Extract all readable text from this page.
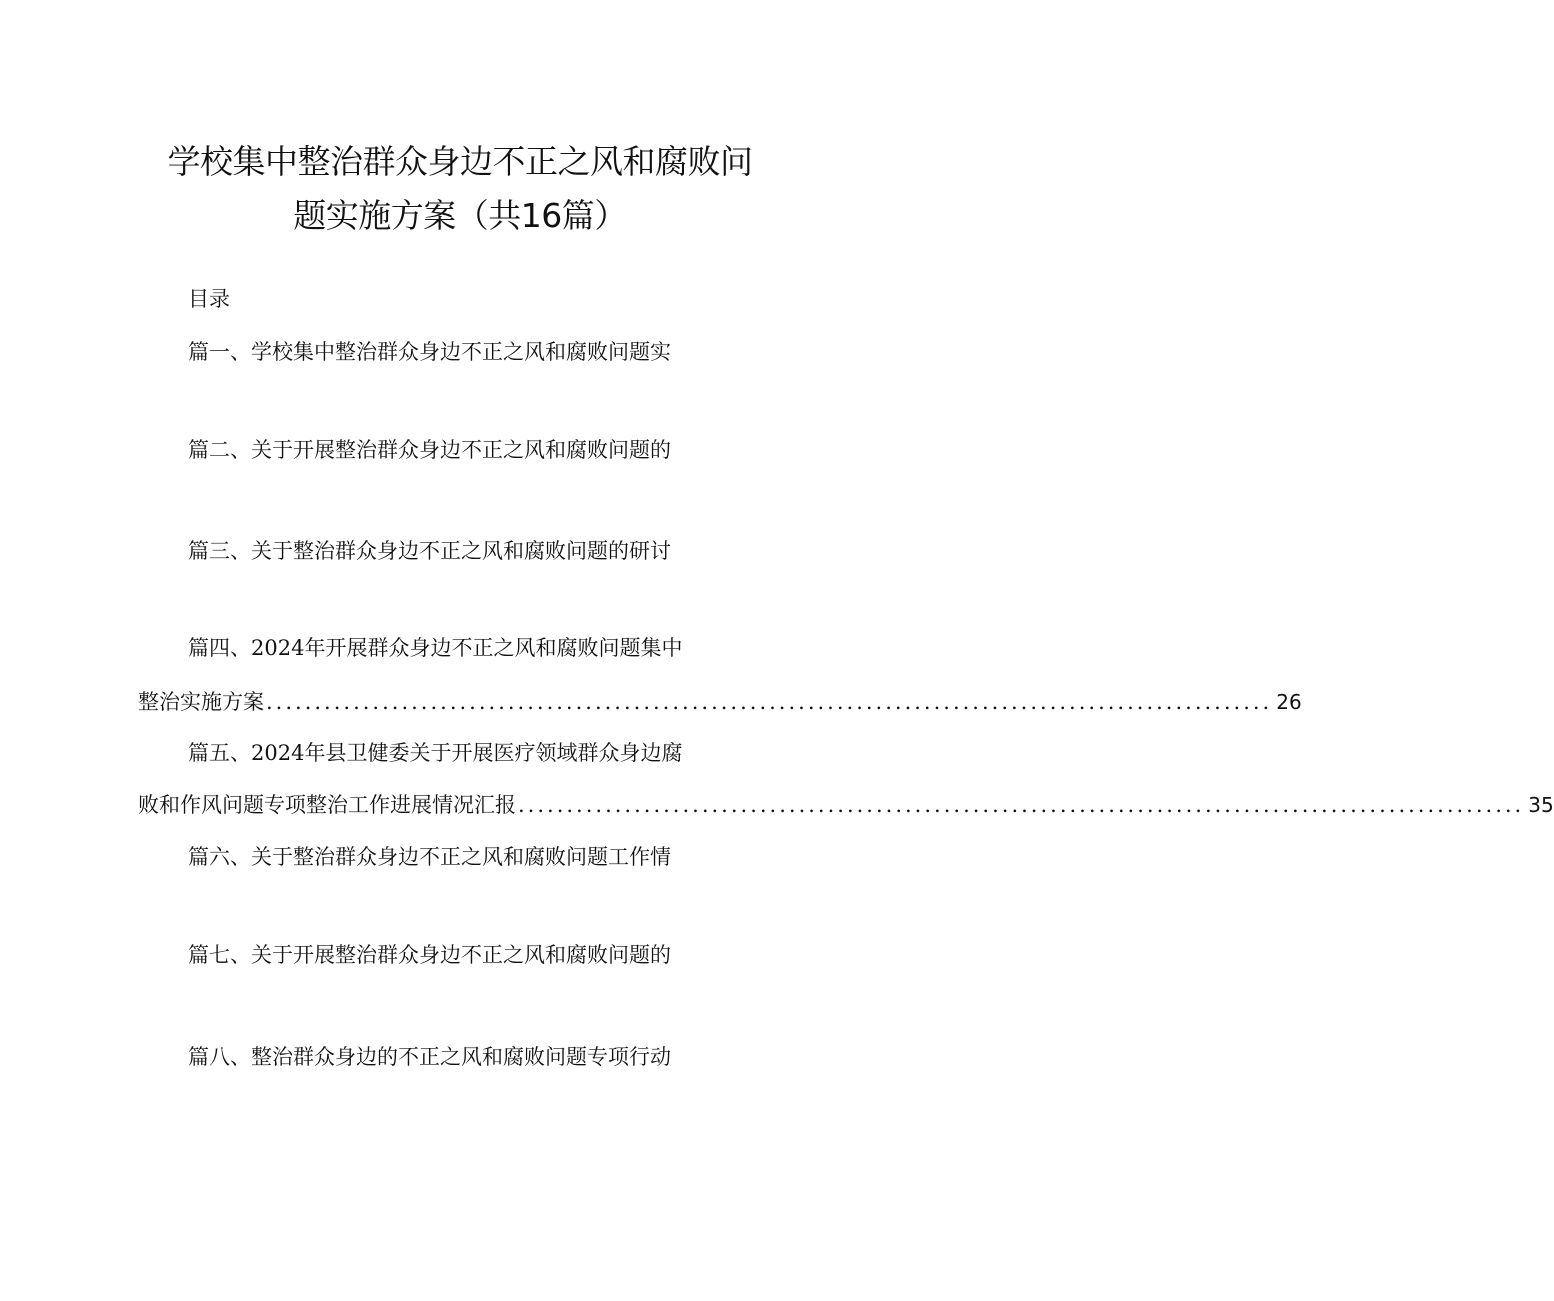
学校集中整治群众身边不正之风和腐败问
题实施方案（共16篇）
目录
篇一、学校集中整治群众身边不正之风和腐败问题实
篇二、关于开展整治群众身边不正之风和腐败问题的
篇三、关于整治群众身边不正之风和腐败问题的研讨
篇四、2024年开展群众身边不正之风和腐败问题集中
整治实施方案 ........................................................................................................ 26
篇五、2024年县卫健委关于开展医疗领域群众身边腐
败和作风问题专项整治工作进展情况汇报 ........................................................................................................ 35
篇六、关于整治群众身边不正之风和腐败问题工作情
篇七、关于开展整治群众身边不正之风和腐败问题的
篇八、整治群众身边的不正之风和腐败问题专项行动
